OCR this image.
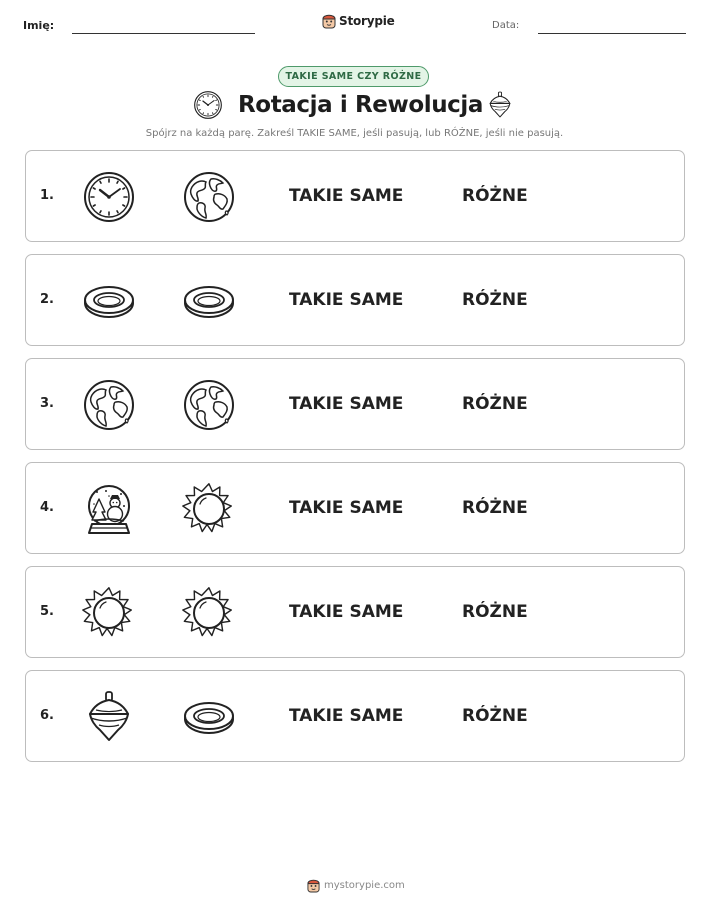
Imię:	Storypie	Data:
TAKIE SAME CZY RÓŻNE
Rotacja i Rewolucja
Spójrz na każdą parę. Zakreśl TAKIE SAME, jeśli pasują, lub RÓŻNE, jeśli nie pasują.
1.	TAKIE SAME	RÓŻNE
2.	TAKIE SAME	RÓŻNE
3.	TAKIE SAME	RÓŻNE
4.	TAKIE SAME	RÓŻNE
5.	TAKIE SAME	RÓŻNE
6.	TAKIE SAME	RÓŻNE
mystorypie.com
